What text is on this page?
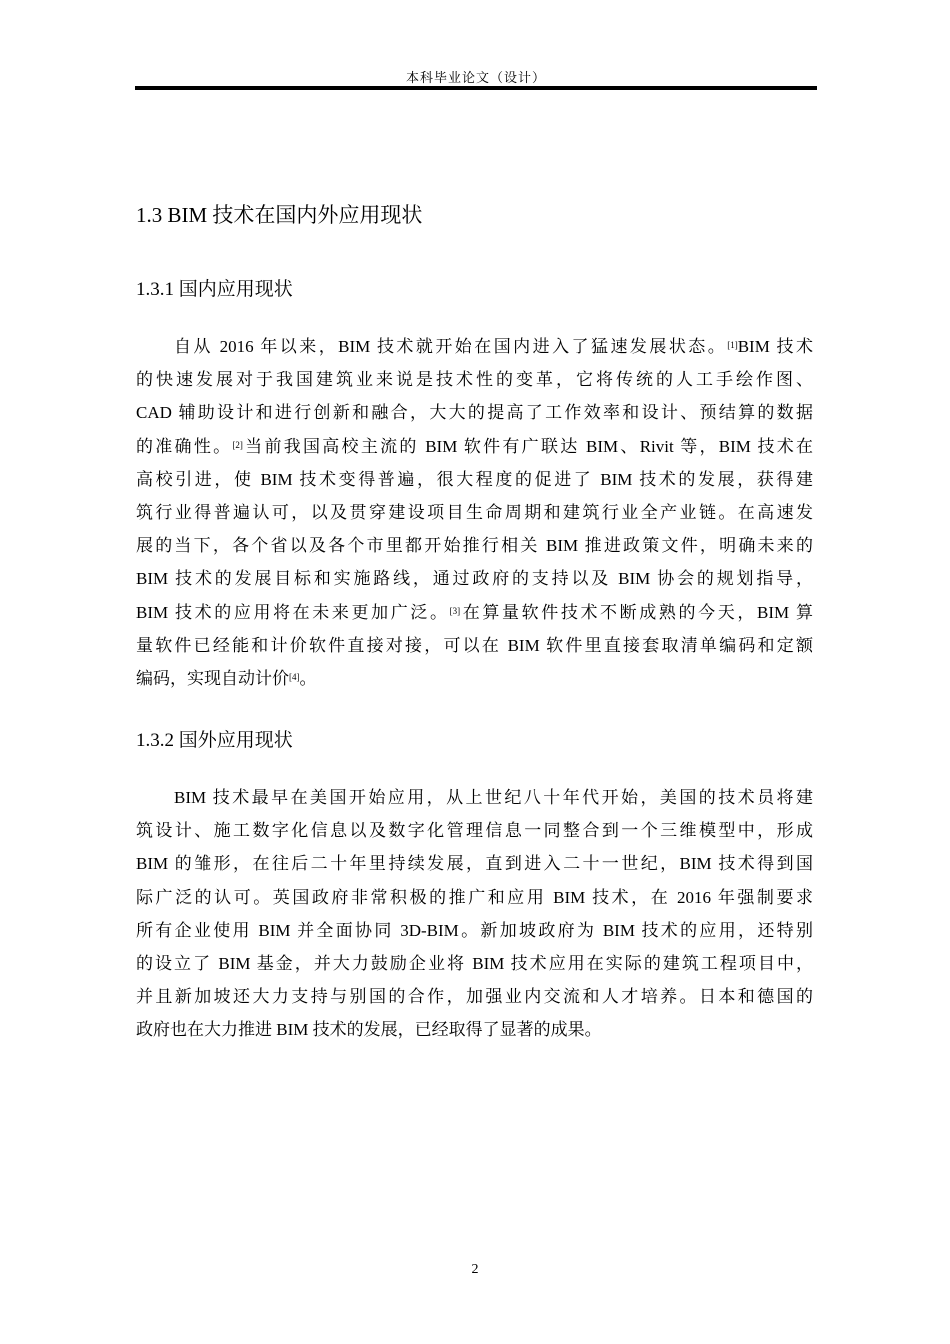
本科毕业论文（设计）
1.3 BIM 技术在国内外应用现状
1.3.1 国内应用现状
自从 2016 年以来，BIM 技术就开始在国内进入了猛速发展状态。[1]BIM 技术
的快速发展对于我国建筑业来说是技术性的变革，它将传统的人工手绘作图、
CAD 辅助设计和进行创新和融合，大大的提高了工作效率和设计、预结算的数据
的准确性。[2]当前我国高校主流的 BIM 软件有广联达 BIM、Rivit 等，BIM 技术在
高校引进，使 BIM 技术变得普遍，很大程度的促进了 BIM 技术的发展，获得建
筑行业得普遍认可，以及贯穿建设项目生命周期和建筑行业全产业链。在高速发
展的当下，各个省以及各个市里都开始推行相关 BIM 推进政策文件，明确未来的
BIM 技术的发展目标和实施路线，通过政府的支持以及 BIM 协会的规划指导，
BIM 技术的应用将在未来更加广泛。[3]在算量软件技术不断成熟的今天，BIM 算
量软件已经能和计价软件直接对接，可以在 BIM 软件里直接套取清单编码和定额
编码，实现自动计价[4]。
1.3.2 国外应用现状
BIM 技术最早在美国开始应用，从上世纪八十年代开始，美国的技术员将建
筑设计、施工数字化信息以及数字化管理信息一同整合到一个三维模型中，形成
BIM 的雏形，在往后二十年里持续发展，直到进入二十一世纪，BIM 技术得到国
际广泛的认可。英国政府非常积极的推广和应用 BIM 技术，在 2016 年强制要求
所有企业使用 BIM 并全面协同 3D-BIM。新加坡政府为 BIM 技术的应用，还特别
的设立了 BIM 基金，并大力鼓励企业将 BIM 技术应用在实际的建筑工程项目中，
并且新加坡还大力支持与别国的合作，加强业内交流和人才培养。日本和德国的
政府也在大力推进 BIM 技术的发展，已经取得了显著的成果。
2
